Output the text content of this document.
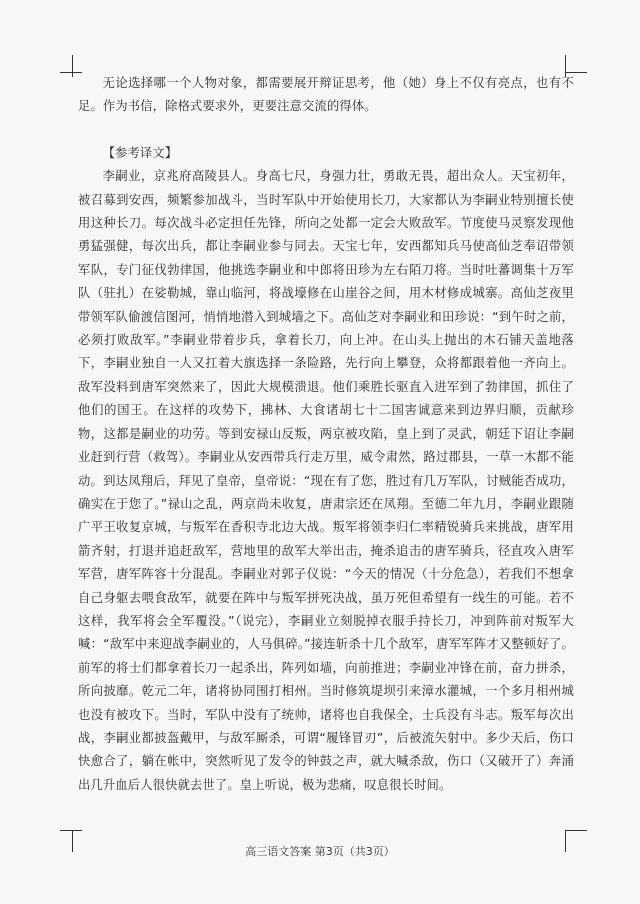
无论选择哪一个人物对象，都需要展开辩证思考，他（她）身上不仅有亮点，也有不足。作为书信，除格式要求外，更要注意交流的得体。

【参考译文】

李嗣业，京兆府高陵县人。身高七尺，身强力壮，勇敢无畏，超出众人。天宝初年，被召募到安西，频繁参加战斗，当时军队中开始使用长刀，大家都认为李嗣业特别擅长使用这种长刀。每次战斗必定担任先锋，所向之处都一定会大败敌军。节度使马灵察发现他勇猛强健，每次出兵，都让李嗣业参与同去。天宝七年，安西都知兵马使高仙芝奉诏带领军队，专门征伐勃律国，他挑选李嗣业和中郎将田珍为左右陌刀将。当时吐蕃调集十万军队（驻扎）在娑勒城，靠山临河，将战壕修在山崖谷之间，用木材修成城寨。高仙芝夜里带领军队偷渡信图河，悄悄地潜入到城墙之下。高仙芝对李嗣业和田珍说：“到午时之前，必须打败敌军。”李嗣业带着步兵，拿着长刀，向上冲。在山头上抛出的木石铺天盖地落下，李嗣业独自一人又扛着大旗选择一条险路，先行向上攀登，众将都跟着他一齐向上。敌军没料到唐军突然来了，因此大规模溃退。他们乘胜长驱直入进军到了勃律国，抓住了他们的国王。在这样的攻势下，拂林、大食诸胡七十二国害诚意来到边界归顺，贡献珍物，这都是嗣业的功劳。等到安禄山反叛，两京被攻陷，皇上到了灵武，朝廷下诏让李嗣业赶到行营（救驾）。李嗣业从安西带兵行走万里，威令肃然，路过郡县，一草一木都不能动。到达凤翔后，拜见了皇帝，皇帝说：“现在有了您，胜过有几万军队，讨贼能否成功，确实在于您了。”禄山之乱，两京尚未收复，唐肃宗还在凤翔。至德二年九月，李嗣业跟随广平王收复京城，与叛军在香积寺北边大战。叛军将领李归仁率精锐骑兵来挑战，唐军用箭齐射，打退并追赶敌军，营地里的敌军大举出击，掩杀追击的唐军骑兵，径直攻入唐军军营，唐军阵容十分混乱。李嗣业对郭子仪说：“今天的情况（十分危急），若我们不想拿自己身躯去喂食敌军，就要在阵中与叛军拼死决战，虽万死但希望有一线生的可能。若不这样，我军将会全军覆没。”（说完），李嗣业立刻脱掉衣服手持长刀，冲到阵前对叛军大喊：“敌军中来迎战李嗣业的，人马俱碎。”接连斩杀十几个敌军，唐军军阵才又整顿好了。前军的将士们都拿着长刀一起杀出，阵列如墙，向前推进；李嗣业冲锋在前，奋力拼杀，所向披靡。乾元二年，诸将协同围打相州。当时修筑堤坝引来漳水灌城，一个多月相州城也没有被攻下。当时，军队中没有了统帅，诸将也自我保全，士兵没有斗志。叛军每次出战，李嗣业都披盔戴甲，与敌军厮杀，可谓“履锋冒刃”，后被流矢射中。多少天后，伤口快愈合了，躺在帐中，突然听见了发令的钟鼓之声，就大喊杀敌，伤口（又破开了）奔涌出几升血后人很快就去世了。皇上听说，极为悲痛，叹息很长时间。

高三语文答案 第3页（共3页）
